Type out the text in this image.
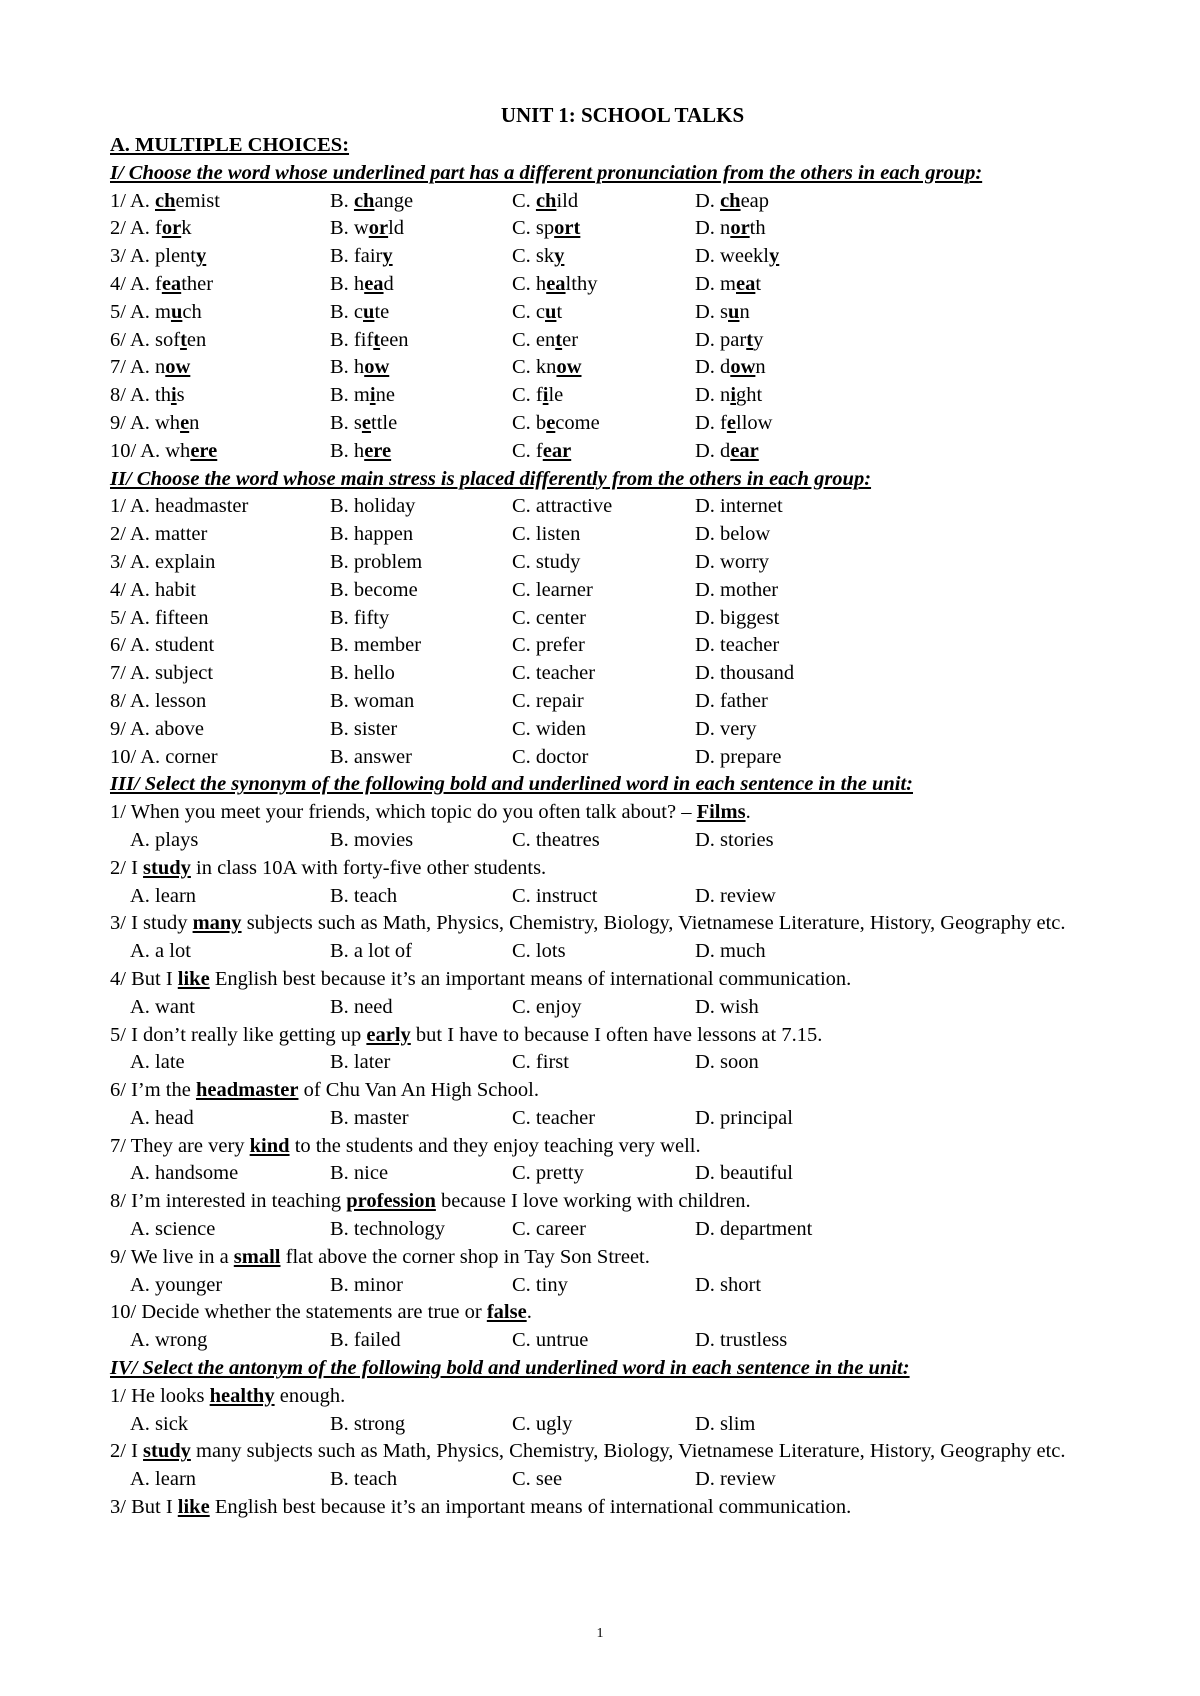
UNIT 1: SCHOOL TALKS
A. MULTIPLE CHOICES:
I/ Choose the word whose underlined part has a different pronunciation from the others in each group:
1/ A. chemist	B. change	C. child	D. cheap
2/ A. fork	B. world	C. sport	D. north
3/ A. plenty	B. fairy	C. sky	D. weekly
4/ A. feather	B. head	C. healthy	D. meat
5/ A. much	B. cute	C. cut	D. sun
6/ A. soften	B. fifteen	C. enter	D. party
7/ A. now	B. how	C. know	D. down
8/ A. this	B. mine	C. file	D. night
9/ A. when	B. settle	C. become	D. fellow
10/ A. where	B. here	C. fear	D. dear
II/ Choose the word whose main stress is placed differently from the others in each group:
1/ A. headmaster	B. holiday	C. attractive	D. internet
2/ A. matter	B. happen	C. listen	D. below
3/ A. explain	B. problem	C. study	D. worry
4/ A. habit	B. become	C. learner	D. mother
5/ A. fifteen	B. fifty	C. center	D. biggest
6/ A. student	B. member	C. prefer	D. teacher
7/ A. subject	B. hello	C. teacher	D. thousand
8/ A. lesson	B. woman	C. repair	D. father
9/ A. above	B. sister	C. widen	D. very
10/ A. corner	B. answer	C. doctor	D. prepare
III/ Select the synonym of the following bold and underlined word in each sentence in the unit:
1/ When you meet your friends, which topic do you often talk about? – Films.
A. plays	B. movies	C. theatres	D. stories
2/ I study in class 10A with forty-five other students.
A. learn	B. teach	C. instruct	D. review
3/ I study many subjects such as Math, Physics, Chemistry, Biology, Vietnamese Literature, History, Geography etc.
A. a lot	B. a lot of	C. lots	D. much
4/ But I like English best because it’s an important means of international communication.
A. want	B. need	C. enjoy	D. wish
5/ I don’t really like getting up early but I have to because I often have lessons at 7.15.
A. late	B. later	C. first	D. soon
6/ I’m the headmaster of Chu Van An High School.
A. head	B. master	C. teacher	D. principal
7/ They are very kind to the students and they enjoy teaching very well.
A. handsome	B. nice	C. pretty	D. beautiful
8/ I’m interested in teaching profession because I love working with children.
A. science	B. technology	C. career	D. department
9/ We live in a small flat above the corner shop in Tay Son Street.
A. younger	B. minor	C. tiny	D. short
10/ Decide whether the statements are true or false.
A. wrong	B. failed	C. untrue	D. trustless
IV/ Select the antonym of the following bold and underlined word in each sentence in the unit:
1/ He looks healthy enough.
A. sick	B. strong	C. ugly	D. slim
2/ I study many subjects such as Math, Physics, Chemistry, Biology, Vietnamese Literature, History, Geography etc.
A. learn	B. teach	C. see	D. review
3/ But I like English best because it’s an important means of international communication.
1
